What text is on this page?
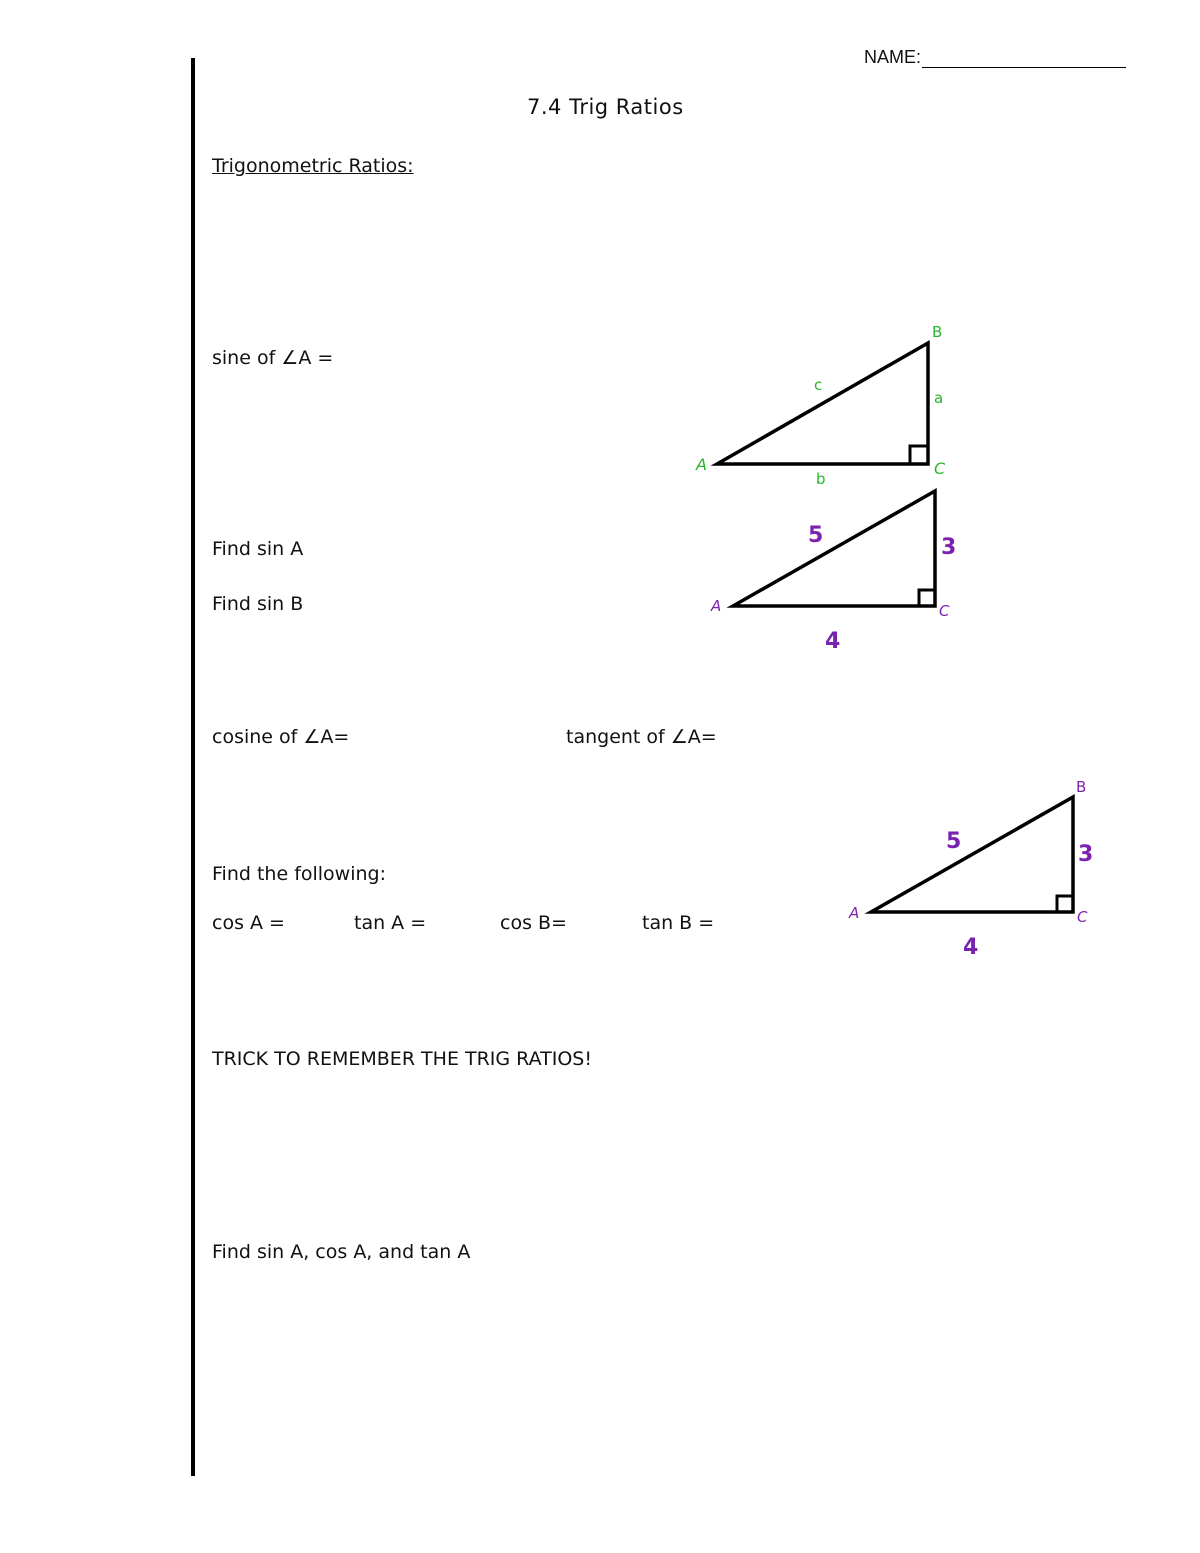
NAME:
7.4 Trig Ratios
Trigonometric Ratios:
sine of ∠A =
Find sin A
Find sin B
cosine of ∠A=	tangent of ∠A=
Find the following:
cos A =	tan A =	cos B=	tan B =
TRICK TO REMEMBER THE TRIG RATIOS!
Find sin A, cos A, and tan A
B
A	C
c
a
b
A	C
5	3
4
B
A	C
5
3
4
